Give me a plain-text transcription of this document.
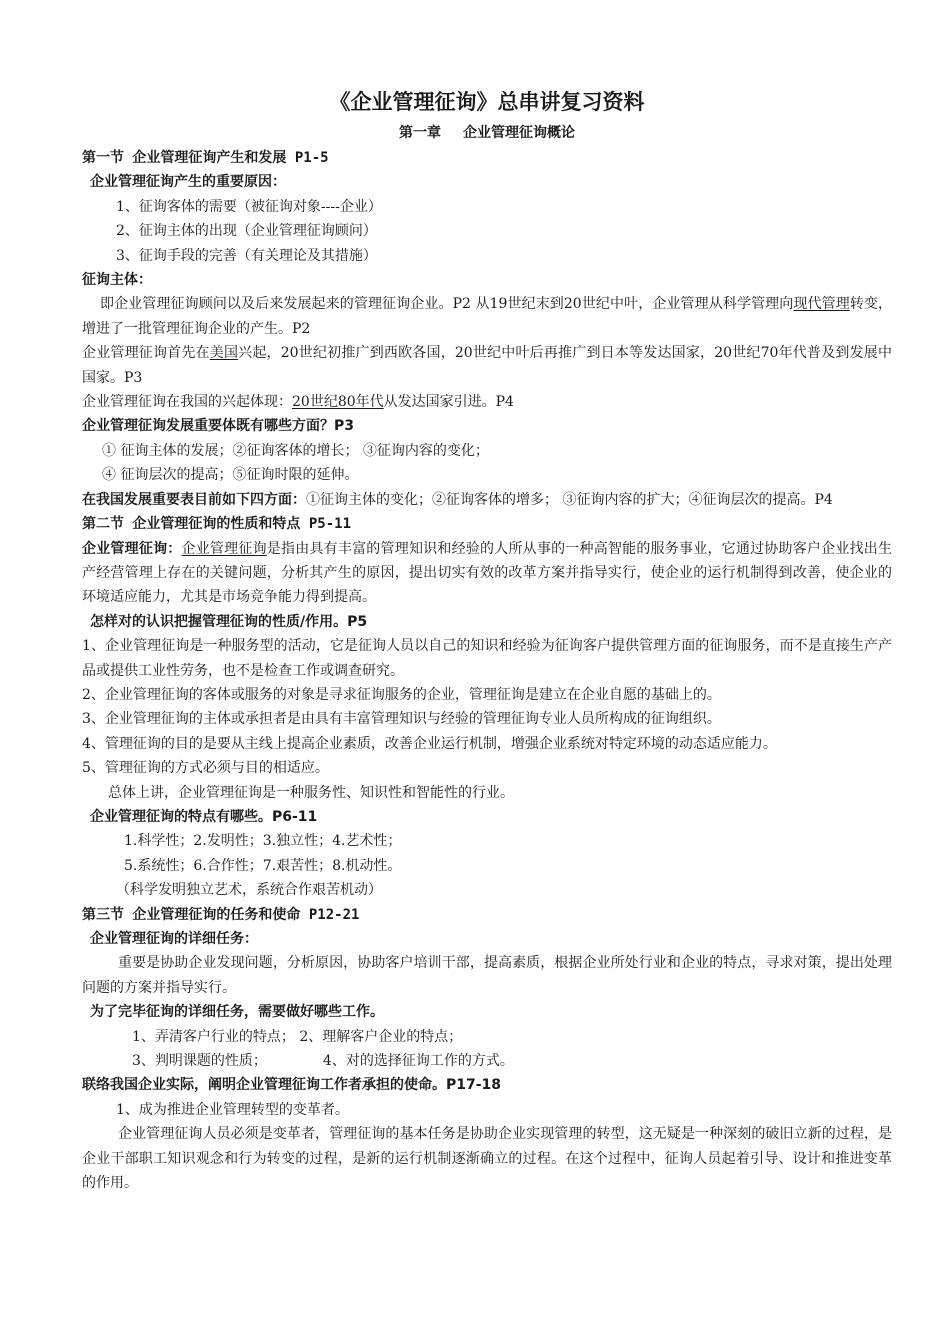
《企业管理征询》总串讲复习资料
第一章 企业管理征询概论
第一节 企业管理征询产生和发展 P1-5
企业管理征询产生的重要原因：
1、征询客体的需要（被征询对象----企业）
2、征询主体的出现（企业管理征询顾问）
3、征询手段的完善（有关理论及其措施）
征询主体：
即企业管理征询顾问以及后来发展起来的管理征询企业。P2 从19世纪末到20世纪中叶，企业管理从科学管理向现代管理转变，增进了一批管理征询企业的产生。P2
企业管理征询首先在美国兴起，20世纪初推广到西欧各国，20世纪中叶后再推广到日本等发达国家，20世纪70年代普及到发展中国家。P3
企业管理征询在我国的兴起体现：20世纪80年代从发达国家引进。P4
企业管理征询发展重要体既有哪些方面？P3
① 征询主体的发展；②征询客体的增长； ③征询内容的变化；
④ 征询层次的提高；⑤征询时限的延伸。
在我国发展重要表目前如下四方面：①征询主体的变化；②征询客体的增多； ③征询内容的扩大；④征询层次的提高。P4
第二节 企业管理征询的性质和特点 P5-11
企业管理征询：企业管理征询是指由具有丰富的管理知识和经验的人所从事的一种高智能的服务事业，它通过协助客户企业找出生产经营管理上存在的关键问题，分析其产生的原因，提出切实有效的改革方案并指导实行，使企业的运行机制得到改善，使企业的环境适应能力，尤其是市场竞争能力得到提高。
怎样对的认识把握管理征询的性质/作用。P5
1、企业管理征询是一种服务型的活动，它是征询人员以自己的知识和经验为征询客户提供管理方面的征询服务，而不是直接生产产品或提供工业性劳务，也不是检查工作或调查研究。
2、企业管理征询的客体或服务的对象是寻求征询服务的企业，管理征询是建立在企业自愿的基础上的。
3、企业管理征询的主体或承担者是由具有丰富管理知识与经验的管理征询专业人员所构成的征询组织。
4、管理征询的目的是要从主线上提高企业素质，改善企业运行机制，增强企业系统对特定环境的动态适应能力。
5、管理征询的方式必须与目的相适应。
总体上讲，企业管理征询是一种服务性、知识性和智能性的行业。
企业管理征询的特点有哪些。P6-11
1.科学性；2.发明性；3.独立性；4.艺术性；
5.系统性；6.合作性；7.艰苦性；8.机动性。
（科学发明独立艺术，系统合作艰苦机动）
第三节 企业管理征询的任务和使命 P12-21
企业管理征询的详细任务：
重要是协助企业发现问题，分析原因，协助客户培训干部，提高素质，根据企业所处行业和企业的特点，寻求对策，提出处理问题的方案并指导实行。
为了完毕征询的详细任务，需要做好哪些工作。
1、弄清客户行业的特点； 2、理解客户企业的特点；
3、判明课题的性质；	4、对的选择征询工作的方式。
联络我国企业实际，阐明企业管理征询工作者承担的使命。P17-18
1、成为推进企业管理转型的变革者。
企业管理征询人员必须是变革者，管理征询的基本任务是协助企业实现管理的转型，这无疑是一种深刻的破旧立新的过程，是企业干部职工知识观念和行为转变的过程，是新的运行机制逐渐确立的过程。在这个过程中，征询人员起着引导、设计和推进变革的作用。
